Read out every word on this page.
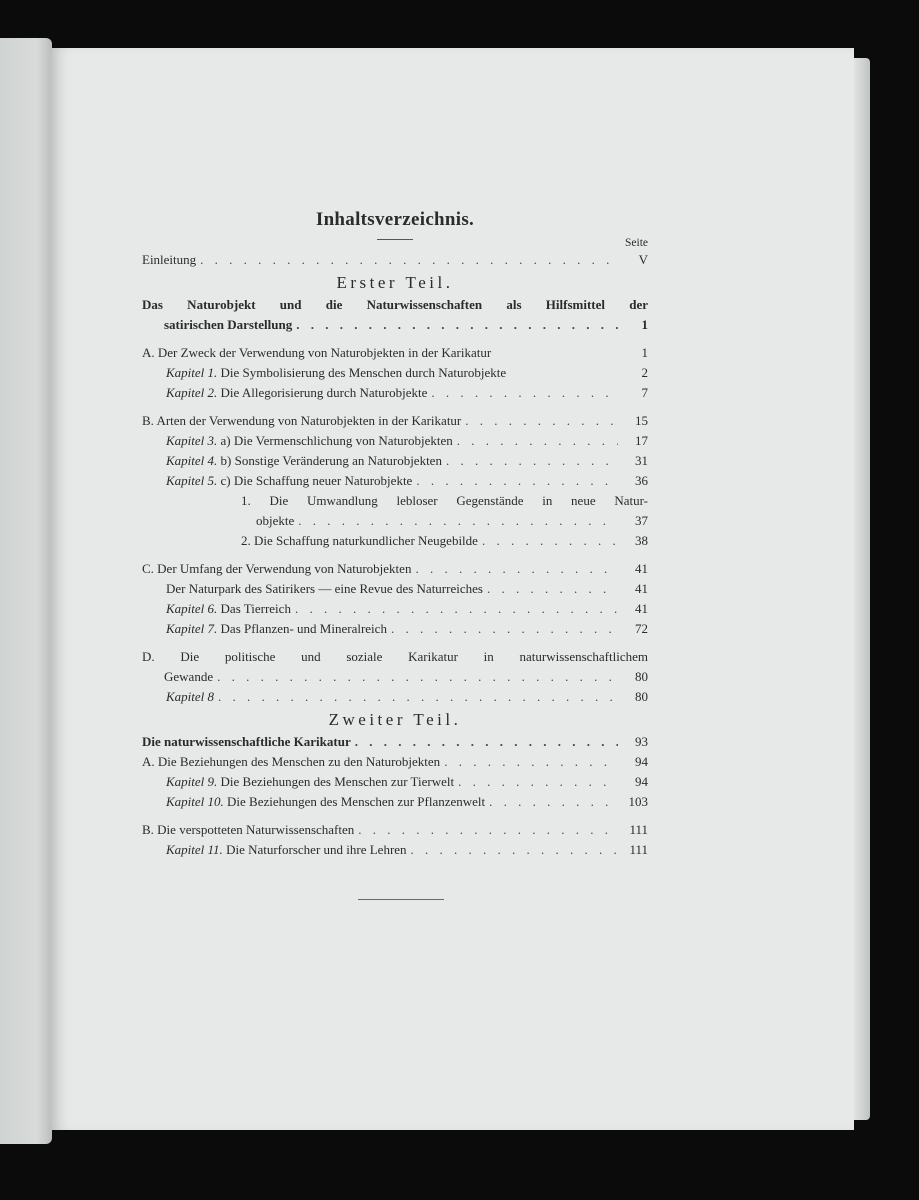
Inhaltsverzeichnis.
Seite
Einleitung . . .	V
Erster Teil.
Das Naturobjekt und die Naturwissenschaften als Hilfsmittel der
satirischen Darstellung . . .	1
A. Der Zweck der Verwendung von Naturobjekten in der Karikatur	1
Kapitel 1. Die Symbolisierung des Menschen durch Naturobjekte	2
Kapitel 2. Die Allegorisierung durch Naturobjekte . . .	7
B. Arten der Verwendung von Naturobjekten in der Karikatur . . .	15
Kapitel 3. a) Die Vermenschlichung von Naturobjekten . . .	17
Kapitel 4. b) Sonstige Veränderung an Naturobjekten . . .	31
Kapitel 5. c) Die Schaffung neuer Naturobjekte . . .	36
1. Die Umwandlung lebloser Gegenstände in neue Natur-
objekte . . .	37
2. Die Schaffung naturkundlicher Neugebilde . . .	38
C. Der Umfang der Verwendung von Naturobjekten . . .	41
Der Naturpark des Satirikers — eine Revue des Naturreiches . . .	41
Kapitel 6. Das Tierreich . . .	41
Kapitel 7. Das Pflanzen- und Mineralreich . . .	72
D. Die politische und soziale Karikatur in naturwissenschaftlichem
Gewande . . .	80
Kapitel 8 . . .	80
Zweiter Teil.
Die naturwissenschaftliche Karikatur . . .	93
A. Die Beziehungen des Menschen zu den Naturobjekten . . .	94
Kapitel 9. Die Beziehungen des Menschen zur Tierwelt . . .	94
Kapitel 10. Die Beziehungen des Menschen zur Pflanzenwelt . . .	103
B. Die verspotteten Naturwissenschaften . . .	111
Kapitel 11. Die Naturforscher und ihre Lehren . . .	111
